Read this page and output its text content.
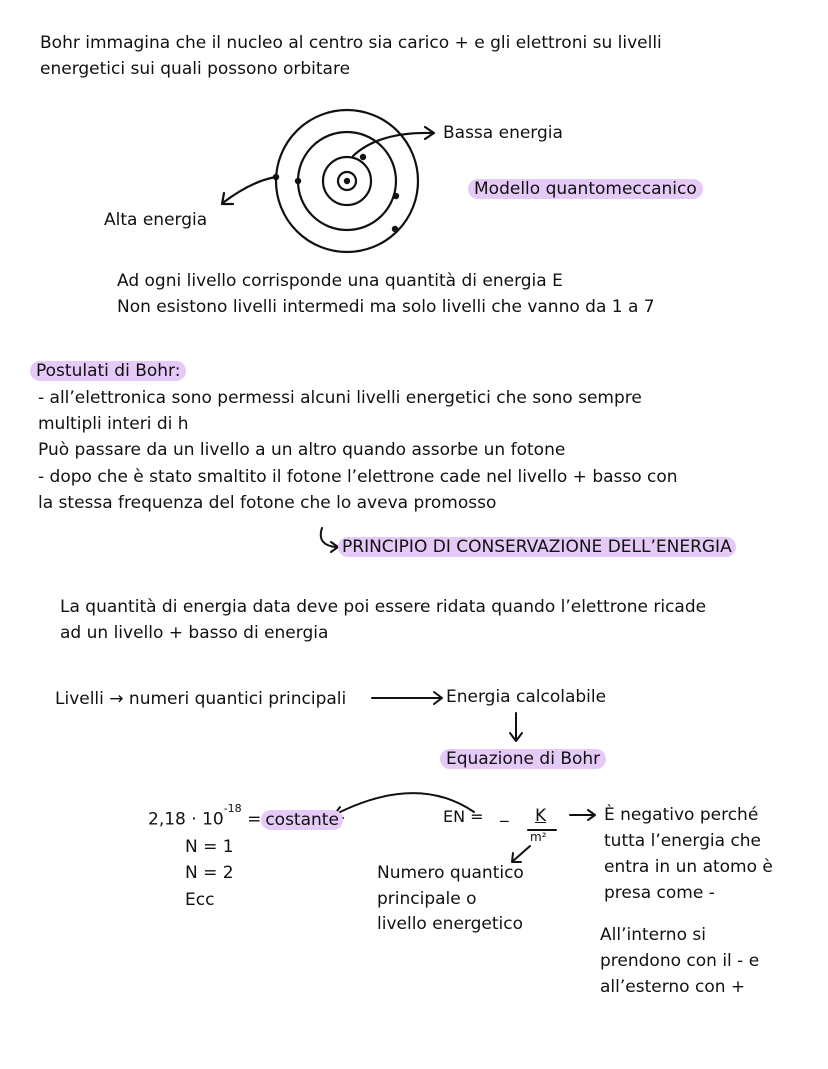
Bohr immagina che il nucleo al centro sia carico + e gli elettroni su livelli
energetici sui quali possono orbitare
Bassa energia
Alta energia
Modello quantomeccanico
Ad ogni livello corrisponde una quantità di energia E
Non esistono livelli intermedi ma solo livelli che vanno da 1 a 7
Postulati di Bohr:
- all’elettronica sono permessi alcuni livelli energetici che sono sempre
multipli interi di h
Può passare da un livello a un altro quando assorbe un fotone
- dopo che è stato smaltito il fotone l’elettrone cade nel livello + basso con
la stessa frequenza del fotone che lo aveva promosso
PRINCIPIO DI CONSERVAZIONE DELL’ENERGIA
La quantità di energia data deve poi essere ridata quando l’elettrone ricade
ad un livello + basso di energia
Livelli → numeri quantici principali	Energia calcolabile
Equazione di Bohr
$2,18 \cdot 10^{-18}$ = costante
N = 1
N = 2
Ecc
EN = _ K
m²
Numero quantico
principale o
livello energetico
È negativo perché
tutta l’energia che
entra in un atomo è
presa come -
All’interno si
prendono con il - e
all’esterno con +
